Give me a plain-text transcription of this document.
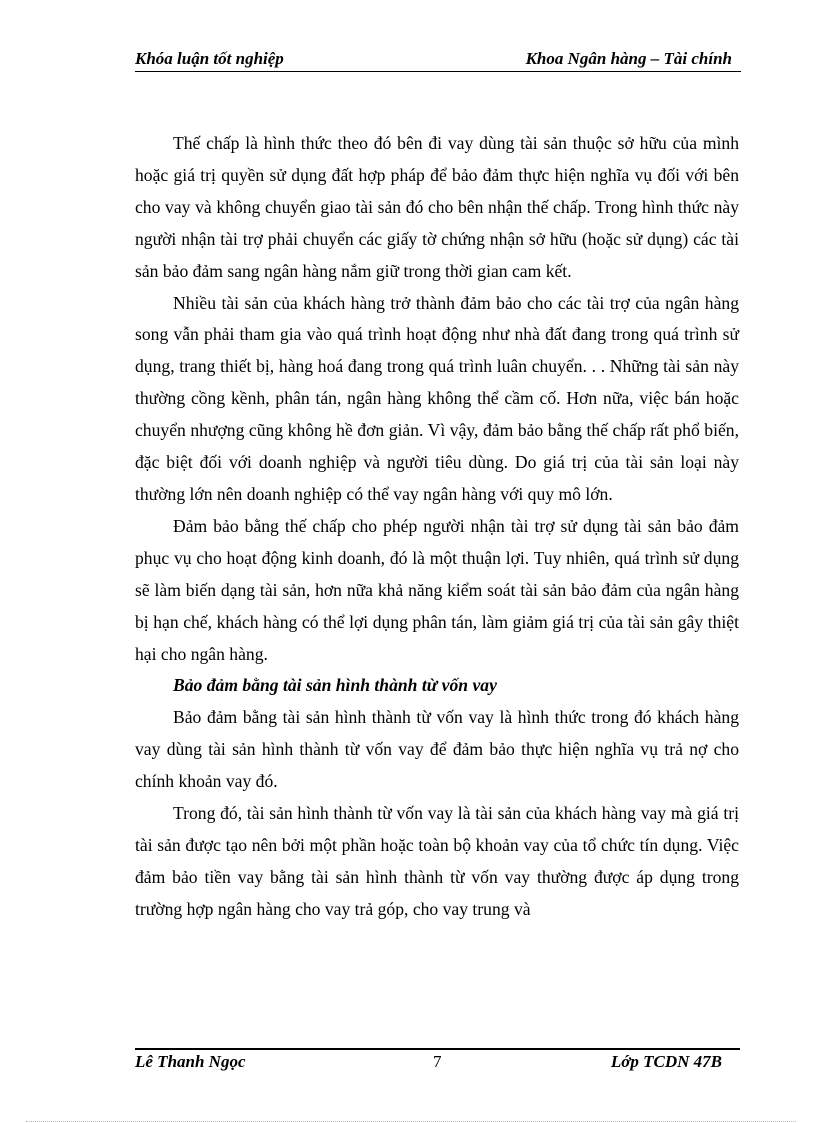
Khóa luận tốt nghiệp	Khoa Ngân hàng – Tài chính

Thế chấp là hình thức theo đó bên đi vay dùng tài sản thuộc sở hữu của mình hoặc giá trị quyền sử dụng đất hợp pháp để bảo đảm thực hiện nghĩa vụ đối với bên cho vay và không chuyển giao tài sản đó cho bên nhận thế chấp. Trong hình thức này người nhận tài trợ phải chuyển các giấy tờ chứng nhận sở hữu (hoặc sử dụng) các tài sản bảo đảm sang ngân hàng nắm giữ trong thời gian cam kết.

Nhiều tài sản của khách hàng trở thành đảm bảo cho các tài trợ của ngân hàng song vẫn phải tham gia vào quá trình hoạt động như nhà đất đang trong quá trình sử dụng, trang thiết bị, hàng hoá đang trong quá trình luân chuyển. . . Những tài sản này thường cồng kềnh, phân tán, ngân hàng không thể cầm cố. Hơn nữa, việc bán hoặc chuyển nhượng cũng không hề đơn giản. Vì vậy, đảm bảo bằng thế chấp rất phổ biến, đặc biệt đối với doanh nghiệp và người tiêu dùng. Do giá trị của tài sản loại này thường lớn nên doanh nghiệp có thể vay ngân hàng với quy mô lớn.

Đảm bảo bằng thế chấp cho phép người nhận tài trợ sử dụng tài sản bảo đảm phục vụ cho hoạt động kinh doanh, đó là một thuận lợi. Tuy nhiên, quá trình sử dụng sẽ làm biến dạng tài sản, hơn nữa khả năng kiểm soát tài sản bảo đảm của ngân hàng bị hạn chế, khách hàng có thể lợi dụng phân tán, làm giảm giá trị của tài sản gây thiệt hại cho ngân hàng.

Bảo đảm bằng tài sản hình thành từ vốn vay

Bảo đảm bằng tài sản hình thành từ vốn vay là hình thức trong đó khách hàng vay dùng tài sản hình thành từ vốn vay để đảm bảo thực hiện nghĩa vụ trả nợ cho chính khoản vay đó.

Trong đó, tài sản hình thành từ vốn vay là tài sản của khách hàng vay mà giá trị tài sản được tạo nên bởi một phần hoặc toàn bộ khoản vay của tổ chức tín dụng. Việc đảm bảo tiền vay bằng tài sản hình thành từ vốn vay thường được áp dụng trong trường hợp ngân hàng cho vay trả góp, cho vay trung và

Lê Thanh Ngọc	7	Lớp TCDN 47B
